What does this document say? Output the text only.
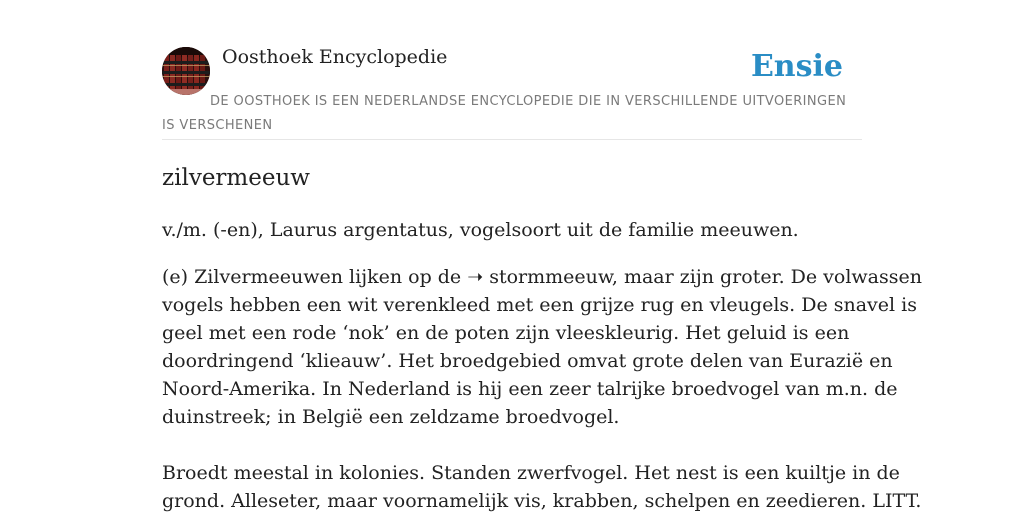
Oosthoek Encyclopedie	Ensie
DE OOSTHOEK IS EEN NEDERLANDSE ENCYCLOPEDIE DIE IN VERSCHILLENDE UITVOERINGEN IS VERSCHENEN
zilvermeeuw

v./m. (-en), Laurus argentatus, vogelsoort uit de familie meeuwen.

(e) Zilvermeeuwen lijken op de ➝ stormmeeuw, maar zijn groter. De volwassen
vogels hebben een wit verenkleed met een grijze rug en vleugels. De snavel is
geel met een rode ‘nok’ en de poten zijn vleeskleurig. Het geluid is een
doordringend ‘klieauw’. Het broedgebied omvat grote delen van Eurazië en
Noord-Amerika. In Nederland is hij een zeer talrijke broedvogel van m.n. de
duinstreek; in België een zeldzame broedvogel.
Broedt meestal in kolonies. Standen zwerfvogel. Het nest is een kuiltje in de
grond. Alleseter, maar voornamelijk vis, krabben, schelpen en zeedieren. LITT.
